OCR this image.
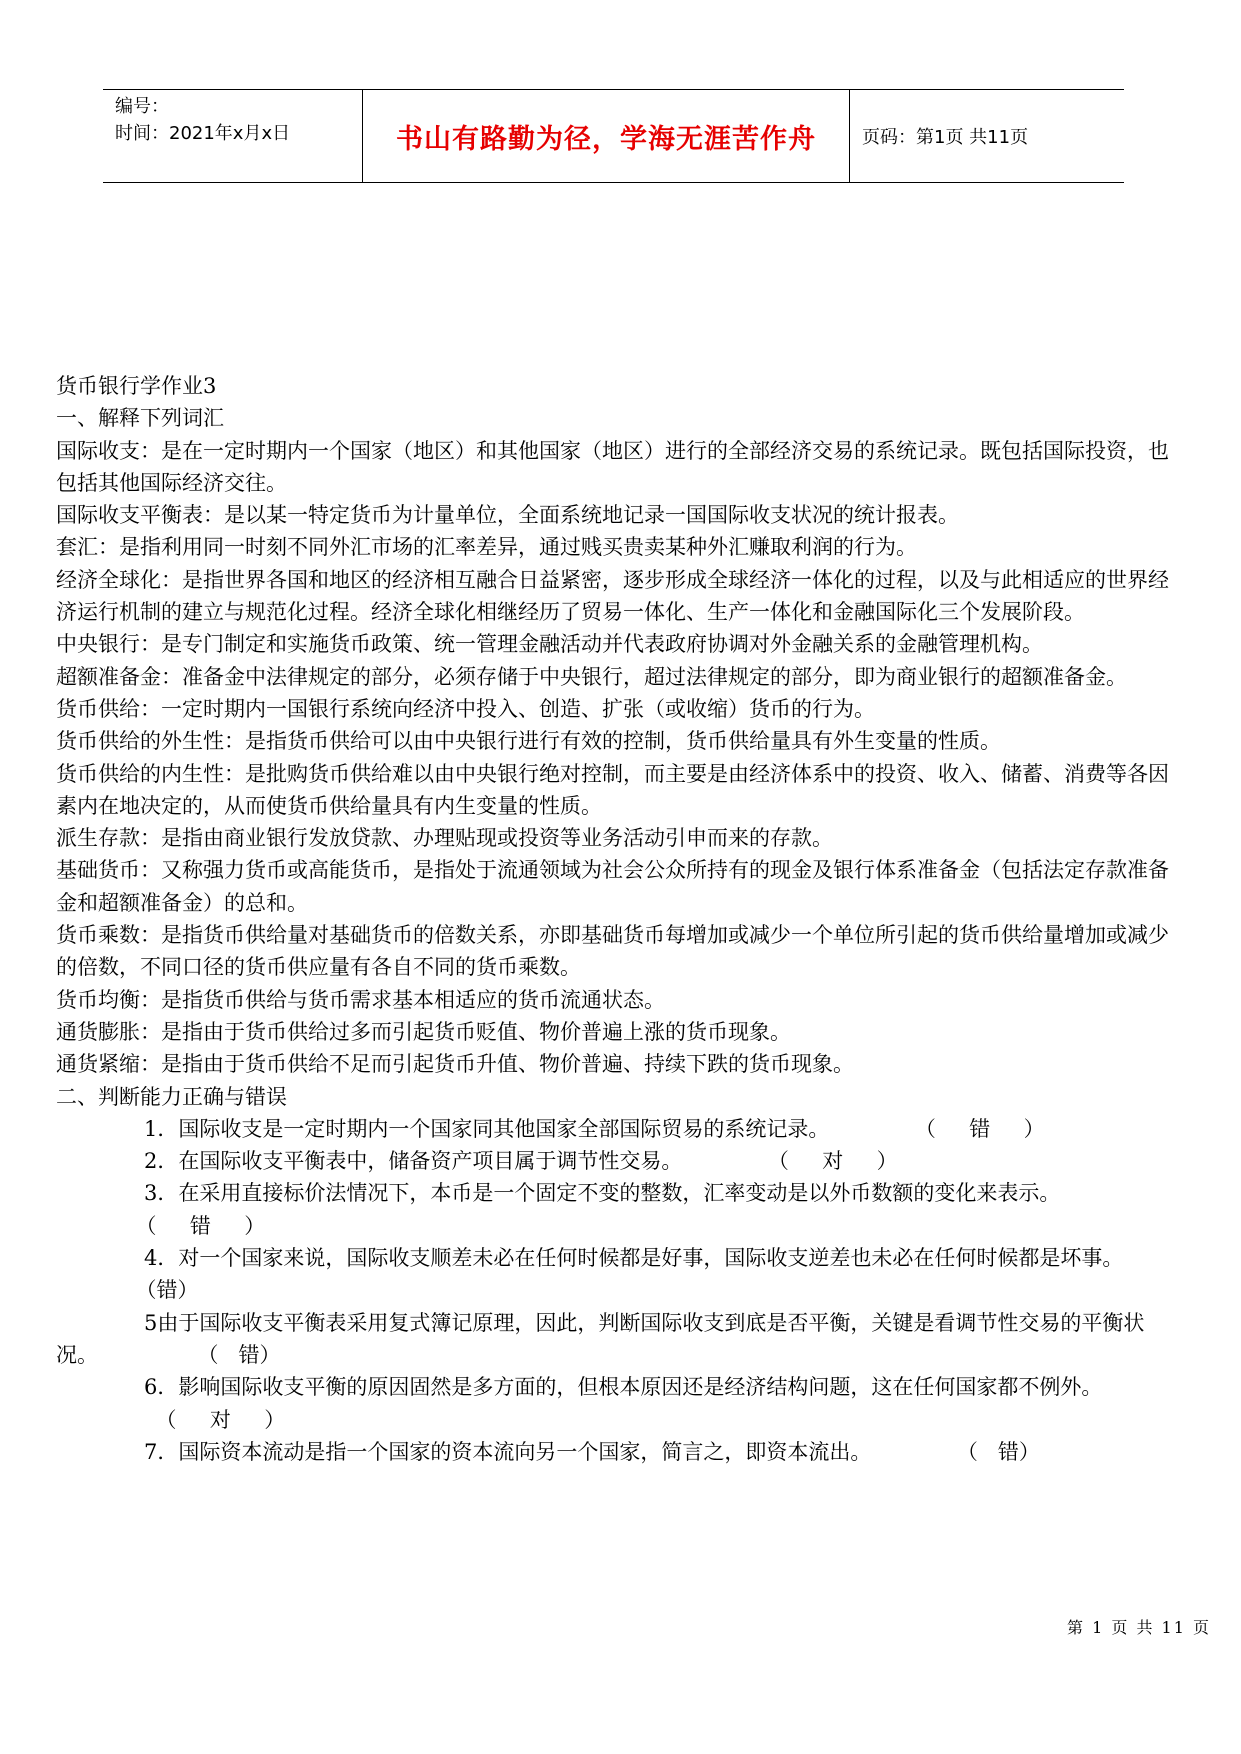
编号：
时间：2021年x月x日	书山有路勤为径，学海无涯苦作舟	页码：第1页 共11页

货币银行学作业3

一、解释下列词汇

国际收支：是在一定时期内一个国家（地区）和其他国家（地区）进行的全部经济交易的系统记录。既包括国际投资，也包括其他国际经济交往。

国际收支平衡表：是以某一特定货币为计量单位，全面系统地记录一国国际收支状况的统计报表。

套汇：是指利用同一时刻不同外汇市场的汇率差异，通过贱买贵卖某种外汇赚取利润的行为。

经济全球化：是指世界各国和地区的经济相互融合日益紧密，逐步形成全球经济一体化的过程，以及与此相适应的世界经济运行机制的建立与规范化过程。经济全球化相继经历了贸易一体化、生产一体化和金融国际化三个发展阶段。

中央银行：是专门制定和实施货币政策、统一管理金融活动并代表政府协调对外金融关系的金融管理机构。

超额准备金：准备金中法律规定的部分，必须存储于中央银行，超过法律规定的部分，即为商业银行的超额准备金。

货币供给：一定时期内一国银行系统向经济中投入、创造、扩张（或收缩）货币的行为。

货币供给的外生性：是指货币供给可以由中央银行进行有效的控制，货币供给量具有外生变量的性质。

货币供给的内生性：是批购货币供给难以由中央银行绝对控制，而主要是由经济体系中的投资、收入、储蓄、消费等各因素内在地决定的，从而使货币供给量具有内生变量的性质。

派生存款：是指由商业银行发放贷款、办理贴现或投资等业务活动引申而来的存款。

基础货币：又称强力货币或高能货币，是指处于流通领域为社会公众所持有的现金及银行体系准备金（包括法定存款准备金和超额准备金）的总和。

货币乘数：是指货币供给量对基础货币的倍数关系，亦即基础货币每增加或减少一个单位所引起的货币供给量增加或减少的倍数，不同口径的货币供应量有各自不同的货币乘数。

货币均衡：是指货币供给与货币需求基本相适应的货币流通状态。

通货膨胀：是指由于货币供给过多而引起货币贬值、物价普遍上涨的货币现象。

通货紧缩：是指由于货币供给不足而引起货币升值、物价普遍、持续下跌的货币现象。

二、判断能力正确与错误

1．国际收支是一定时期内一个国家同其他国家全部国际贸易的系统记录。	（     错     ）

2．在国际收支平衡表中，储备资产项目属于调节性交易。	（     对     ）

3．在采用直接标价法情况下，本币是一个固定不变的整数，汇率变动是以外币数额的变化来表示。（     错     ）

4．对一个国家来说，国际收支顺差未必在任何时候都是好事，国际收支逆差也未必在任何时候都是坏事。（错）

5由于国际收支平衡表采用复式簿记原理，因此，判断国际收支到底是否平衡，关键是看调节性交易的平衡状况。	（   错）

6．影响国际收支平衡的原因固然是多方面的，但根本原因还是经济结构问题，这在任何国家都不例外。（     对     ）

7．国际资本流动是指一个国家的资本流向另一个国家，简言之，即资本流出。	（   错）

第 1 页 共 11 页
